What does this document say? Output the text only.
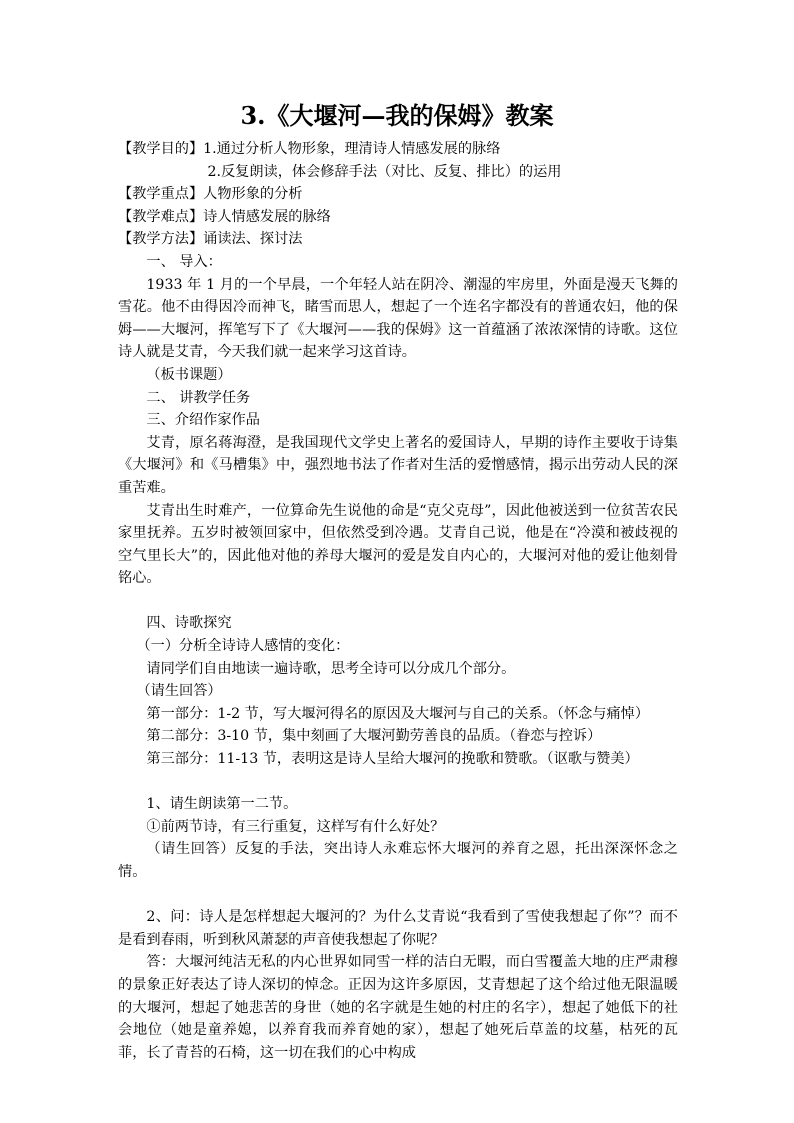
3.《大堰河—我的保姆》教案

【教学目的】1.通过分析人物形象，理清诗人情感发展的脉络

2.反复朗读，体会修辞手法（对比、反复、排比）的运用

【教学重点】人物形象的分析

【教学难点】诗人情感发展的脉络

【教学方法】诵读法、探讨法

一、 导入：

1933 年 1 月的一个早晨，一个年轻人站在阴冷、潮湿的牢房里，外面是漫天飞舞的雪花。他不由得因冷而神飞，睹雪而思人，想起了一个连名字都没有的普通农妇，他的保姆——大堰河，挥笔写下了《大堰河——我的保姆》这一首蕴涵了浓浓深情的诗歌。这位诗人就是艾青，今天我们就一起来学习这首诗。

（板书课题）

二、 讲教学任务

三、介绍作家作品

艾青，原名蒋海澄，是我国现代文学史上著名的爱国诗人，早期的诗作主要收于诗集《大堰河》和《马槽集》中，强烈地书法了作者对生活的爱憎感情，揭示出劳动人民的深重苦难。

艾青出生时难产，一位算命先生说他的命是“克父克母”，因此他被送到一位贫苦农民家里抚养。五岁时被领回家中，但依然受到冷遇。艾青自己说，他是在“冷漠和被歧视的空气里长大”的，因此他对他的养母大堰河的爱是发自内心的，大堰河对他的爱让他刻骨铭心。

四、诗歌探究

（一）分析全诗诗人感情的变化：

请同学们自由地读一遍诗歌，思考全诗可以分成几个部分。

（请生回答）

第一部分：1-2 节，写大堰河得名的原因及大堰河与自己的关系。（怀念与痛悼）

第二部分：3-10 节，集中刻画了大堰河勤劳善良的品质。（眷恋与控诉）

第三部分：11-13 节，表明这是诗人呈给大堰河的挽歌和赞歌。（讴歌与赞美）

1、请生朗读第一二节。

①前两节诗，有三行重复，这样写有什么好处？

（请生回答）反复的手法，突出诗人永难忘怀大堰河的养育之恩，托出深深怀念之情。

2、问：诗人是怎样想起大堰河的？为什么艾青说“我看到了雪使我想起了你”？而不是看到春雨，听到秋风萧瑟的声音使我想起了你呢？

答：大堰河纯洁无私的内心世界如同雪一样的洁白无暇，而白雪覆盖大地的庄严肃穆的景象正好表达了诗人深切的悼念。正因为这许多原因，艾青想起了这个给过他无限温暖的大堰河，想起了她悲苦的身世（她的名字就是生她的村庄的名字），想起了她低下的社会地位（她是童养媳，以养育我而养育她的家），想起了她死后草盖的坟墓，枯死的瓦菲，长了青苔的石椅，这一切在我们的心中构成
